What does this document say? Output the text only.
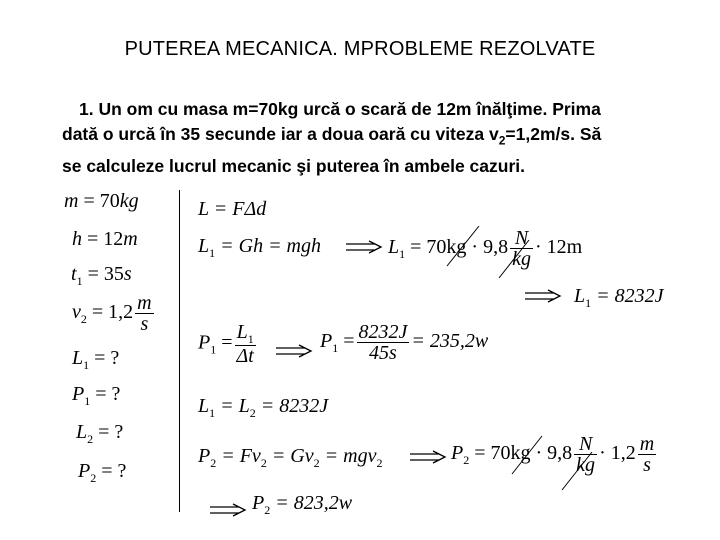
PUTEREA MECANICA. MPROBLEME REZOLVATE
1. Un om cu masa m=70kg urcă o scară de 12m înălţime. Prima
dată o urcă în 35 secunde iar a doua oară cu viteza $v_2=1,2m/s$. Să
se calculeze lucrul mecanic şi puterea în ambele cazuri.
m = 70kg
h = 12m
$t_1 = 35s$
$v_2 = 1,2 \frac{m}{s}$
$L_1$ = ?
$P_1$ = ?
$L_2$ = ?
$P_2$ = ?
L = FΔd
$L_1 = Gh$ = mgh	$L_1 = 70kg \cdot 9,8 \frac{N}{kg} \cdot 12m$
$L_1 = 8232J$
$P_1 = \frac{L_1}{\Delta t}$	$P_1 = \frac{8232J}{45s} = 235,2w$
$L_1 = L_2 = 8232J$
$P_2 = Fv_2 = Gv_2 = mgv_2$	$P_2 = 70kg \cdot 9,8 \frac{N}{kg} \cdot 1,2 \frac{m}{s}$
$P_2 = 823,2w$
